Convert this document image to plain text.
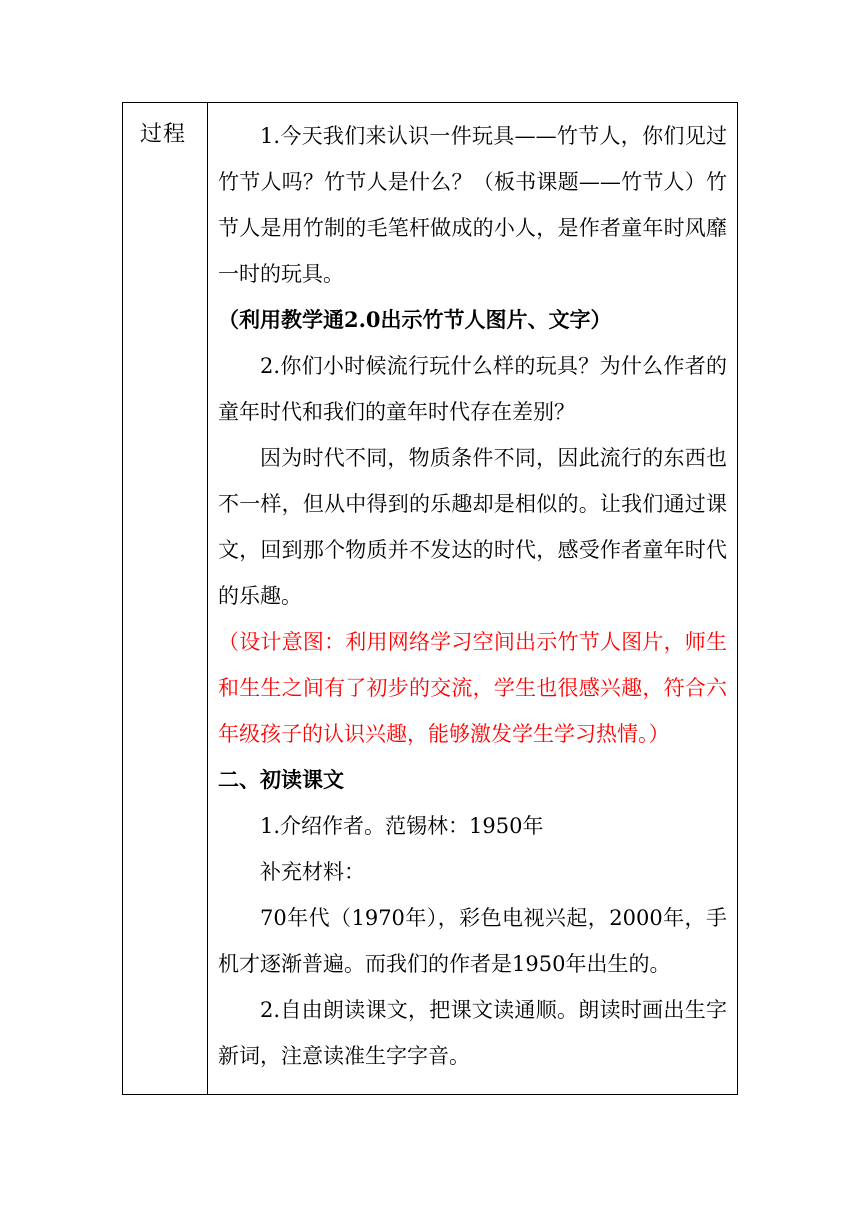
过程	1.今天我们来认识一件玩具——竹节人，你们见过竹节人吗？竹节人是什么？（板书课题——竹节人）竹节人是用竹制的毛笔杆做成的小人，是作者童年时风靡一时的玩具。

（利用教学通2.0出示竹节人图片、文字）

2.你们小时候流行玩什么样的玩具？为什么作者的童年时代和我们的童年时代存在差别？

因为时代不同，物质条件不同，因此流行的东西也不一样，但从中得到的乐趣却是相似的。让我们通过课文，回到那个物质并不发达的时代，感受作者童年时代的乐趣。

（设计意图：利用网络学习空间出示竹节人图片，师生和生生之间有了初步的交流，学生也很感兴趣，符合六年级孩子的认识兴趣，能够激发学生学习热情。）

二、初读课文

1.介绍作者。范锡林：1950年

补充材料：

70年代（1970年），彩色电视兴起，2000年，手机才逐渐普遍。而我们的作者是1950年出生的。

2.自由朗读课文，把课文读通顺。朗读时画出生字新词，注意读准生字字音。
